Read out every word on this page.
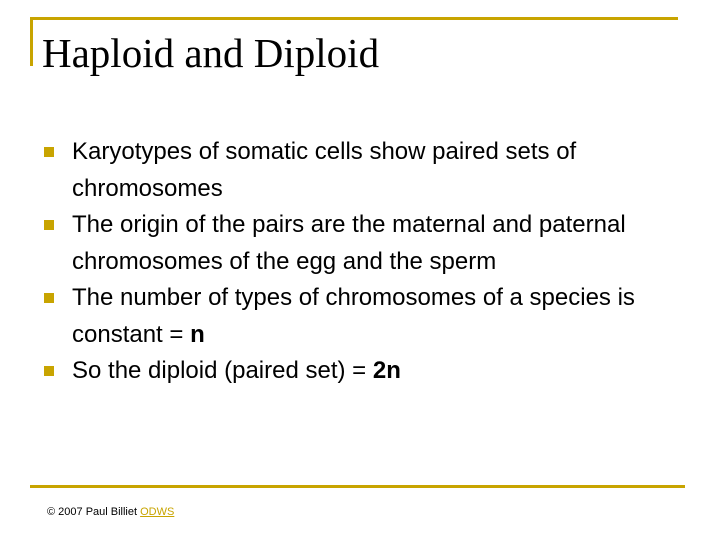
Haploid and Diploid
Karyotypes of somatic cells show paired sets of chromosomes
The origin of the pairs are the maternal and paternal chromosomes of the egg and the sperm
The number of types of chromosomes of a species is constant = n
So the diploid (paired set) = 2n
© 2007 Paul Billiet ODWS
